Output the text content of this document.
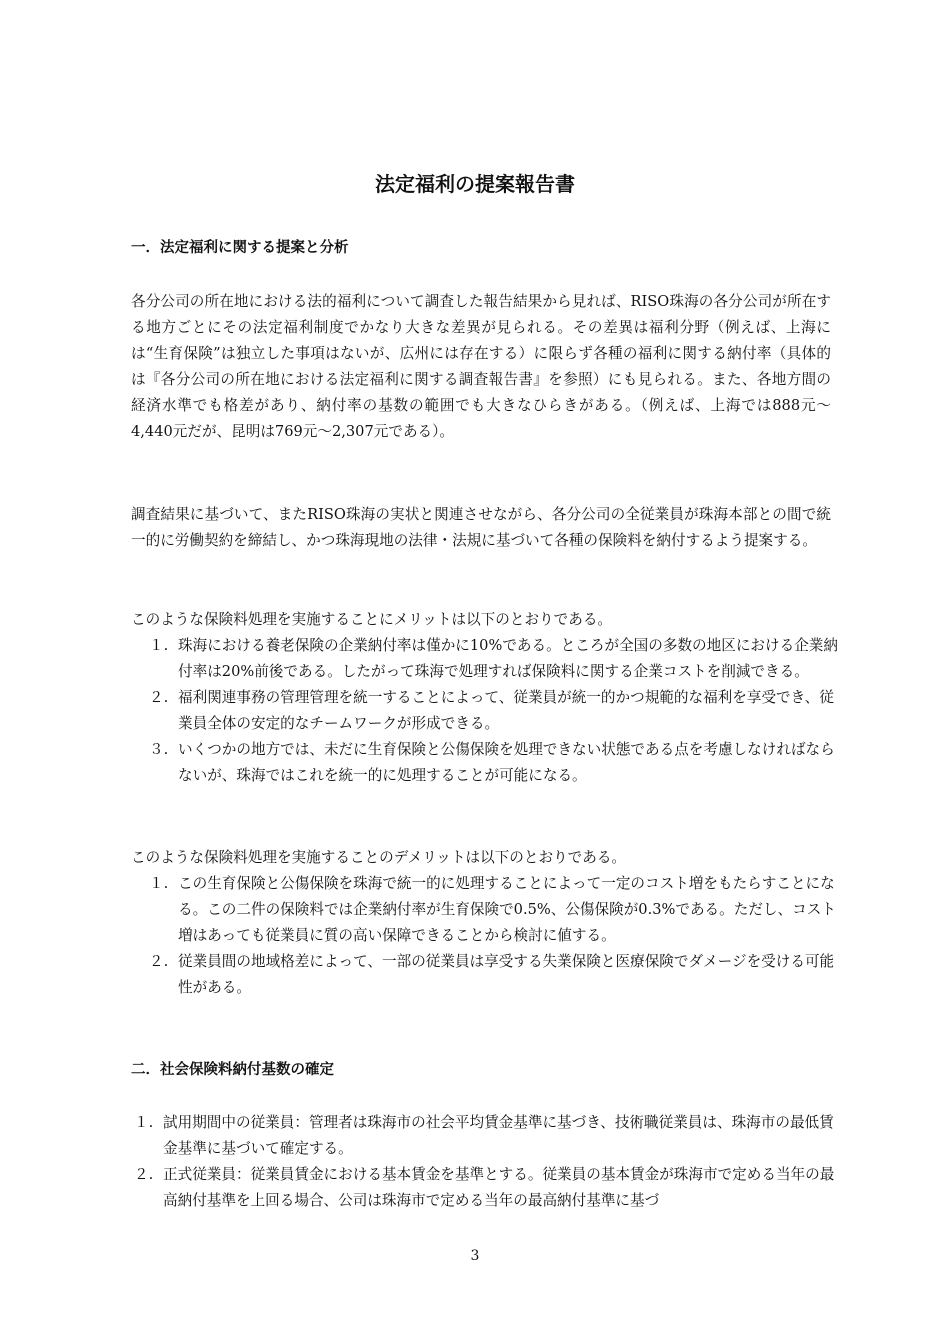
法定福利の提案報告書
一．法定福利に関する提案と分析
各分公司の所在地における法的福利について調査した報告結果から見れば、RISO珠海の各分公司が所在する地方ごとにその法定福利制度でかなり大きな差異が見られる。その差異は福利分野（例えば、上海には“生育保険”は独立した事項はないが、広州には存在する）に限らず各種の福利に関する納付率（具体的は『各分公司の所在地における法定福利に関する調査報告書』を参照）にも見られる。また、各地方間の経済水準でも格差があり、納付率の基数の範囲でも大きなひらきがある。（例えば、上海では888元～4,440元だが、昆明は769元～2,307元である）。
調査結果に基づいて、またRISO珠海の実状と関連させながら、各分公司の全従業員が珠海本部との間で統一的に労働契約を締結し、かつ珠海現地の法律・法規に基づいて各種の保険料を納付するよう提案する。
このような保険料処理を実施することにメリットは以下のとおりである。
１. 珠海における養老保険の企業納付率は僅かに10%である。ところが全国の多数の地区における企業納付率は20%前後である。したがって珠海で処理すれば保険料に関する企業コストを削減できる。
２. 福利関連事務の管理管理を統一することによって、従業員が統一的かつ規範的な福利を享受でき、従業員全体の安定的なチームワークが形成できる。
３. いくつかの地方では、未だに生育保険と公傷保険を処理できない状態である点を考慮しなければならないが、珠海ではこれを統一的に処理することが可能になる。
このような保険料処理を実施することのデメリットは以下のとおりである。
１. この生育保険と公傷保険を珠海で統一的に処理することによって一定のコスト増をもたらすことになる。この二件の保険料では企業納付率が生育保険で0.5%、公傷保険が0.3%である。ただし、コスト増はあっても従業員に質の高い保障できることから検討に値する。
２. 従業員間の地域格差によって、一部の従業員は享受する失業保険と医療保険でダメージを受ける可能性がある。
二．社会保険料納付基数の確定
１. 試用期間中の従業員：管理者は珠海市の社会平均賃金基準に基づき、技術職従業員は、珠海市の最低賃金基準に基づいて確定する。
２. 正式従業員：従業員賃金における基本賃金を基準とする。従業員の基本賃金が珠海市で定める当年の最高納付基準を上回る場合、公司は珠海市で定める当年の最高納付基準に基づ
3
